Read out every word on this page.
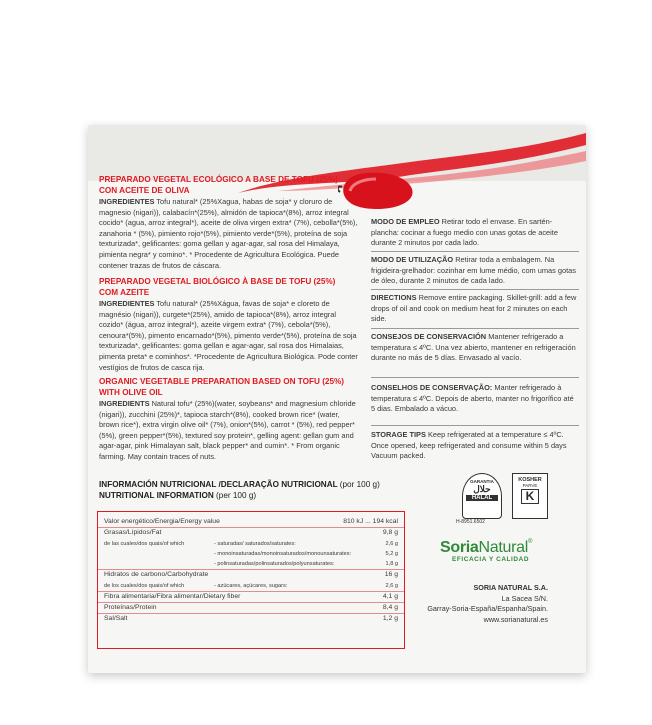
PREPARADO VEGETAL ECOLÓGICO A BASE DE TOFU (25%) CON ACEITE DE OLIVA

INGREDIENTES Tofu natural* (25%Xagua, habas de soja* y cloruro de magnesio (nigari)), calabacín*(25%), almidón de tapioca*(8%), arroz integral cocido* (agua, arroz integral*), aceite de oliva virgen extra* (7%), cebolla*(5%), zanahoria * (5%), pimiento rojo*(5%), pimiento verde*(5%), proteína de soja texturizada*, gelificantes: goma gellan y agar-agar, sal rosa del Himalaya, pimienta negra* y comino*. * Procedente de Agricultura Ecológica. Puede contener trazas de frutos de cáscara.

PREPARADO VEGETAL BIOLÓGICO À BASE DE TOFU (25%) COM AZEITE

INGREDIENTES Tofu natural* (25%Xágua, favas de soja* e cloreto de magnésio (nigari)), curgete*(25%), amido de tapioca*(8%), arroz integral cozido* (água, arroz integral*), azeite virgem extra* (7%), cebola*(5%), cenoura*(5%), pimento encarnado*(5%), pimento verde*(5%), proteína de soja texturizada*, gelificantes: goma gellan e agar-agar, sal rosa dos Himalaias, pimenta preta* e cominhos*. *Procedente de Agricultura Biológica. Pode conter vestígios de frutos de casca rija.

ORGANIC VEGETABLE PREPARATION BASED ON TOFU (25%) WITH OLIVE OIL

INGREDIENTS Natural tofu* (25%)(water, soybeans* and magnesium chloride (nigari)), zucchini (25%)*, tapioca starch*(8%), cooked brown rice* (water, brown rice*), extra virgin olive oil* (7%), onion*(5%), carrot * (5%), red pepper*(5%), green pepper*(5%), textured soy protein*, gelling agent: gellan gum and agar-agar, pink Himalayan salt, black pepper* and cumin*. * From organic farming. May contain traces of nuts.

MODO DE EMPLEO Retirar todo el envase. En sartén-plancha: cocinar a fuego medio con unas gotas de aceite durante 2 minutos por cada lado.

MODO DE UTILIZAÇÃO Retirar toda a embalagem. Na frigideira-grelhador: cozinhar em lume médio, com umas gotas de óleo, durante 2 minutos de cada lado.

DIRECTIONS Remove entire packaging. Skillet-grill: add a few drops of oil and cook on medium heat for 2 minutes on each side.

CONSEJOS DE CONSERVACIÓN Mantener refrigerado a temperatura ≤ 4ºC. Una vez abierto, mantener en refrigeración durante no más de 5 días. Envasado al vacío.

CONSELHOS DE CONSERVAÇÃO: Manter refrigerado à temperatura ≤ 4ºC. Depois de aberto, manter no frigorífico até 5 dias. Embalado a vácuo.

STORAGE TIPS Keep refrigerated at a temperature ≤ 4ºC. Once opened, keep refrigerated and consume within 5 days Vacuum packed.

GARANTIA
حلال
HALAL
H-8951.6502
KOSHER
PARVE
K
SoriaNatural®
EFICACIA Y CALIDAD
SORIA NATURAL S.A.
La Sacea S/N.
Garray-Soria-España/Espanha/Spain.
www.sorianatural.es
INFORMACIÓN NUTRICIONAL /DECLARAÇÃO NUTRICIONAL (por 100 g)
NUTRITIONAL INFORMATION (per 100 g)
Valor energético/Energia/Energy value	810 kJ ... 194 kcal
Grasas/Lípidos/Fat	9,8 g
de las cuales/dos quais/of which	- saturadas/ saturados/saturates:	2,6 g
- monoinsaturadas/monoinsaturados/monounsaturates:	5,2 g
- polinsaturadas/polinsaturados/polyunsaturates:	1,8 g
Hidratos de carbono/Carbohydrate	16 g
de los cuales/dos quais/of which	- azúcares, açúcares, sugars:	2,6 g
Fibra alimentaria/Fibra alimentar/Dietary fiber	4,1 g
Proteínas/Protein	8,4 g
Sal/Salt	1,2 g
